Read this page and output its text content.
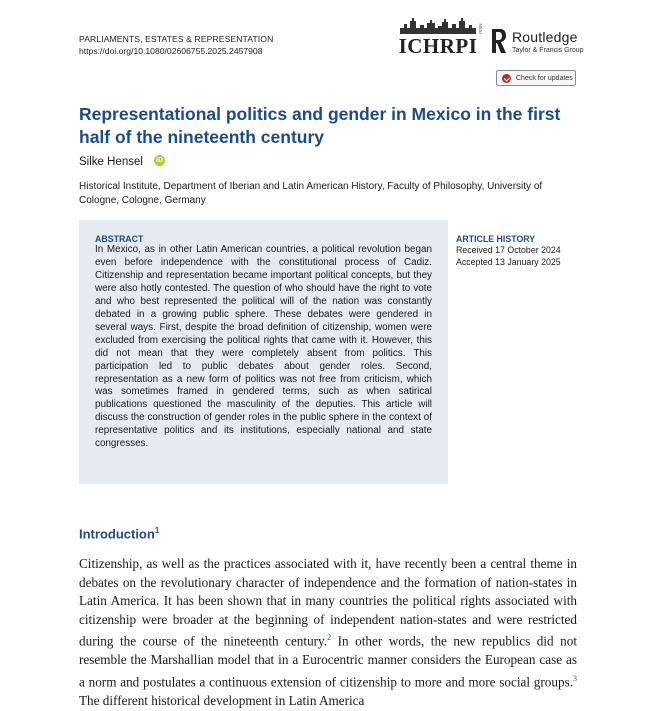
PARLIAMENTS, ESTATES & REPRESENTATION
https://doi.org/10.1080/02606755.2025.2457908	ICHRPI
ISSN
Routledge
Taylor & Francis Group
Check for updates
Representational politics and gender in Mexico in the first half of the nineteenth century
Silke Hensel iD
Historical Institute, Department of Iberian and Latin American History, Faculty of Philosophy, University of Cologne, Cologne, Germany
ABSTRACT
In Mexico, as in other Latin American countries, a political revolution began even before independence with the constitutional process of Cadiz. Citizenship and representation became important political concepts, but they were also hotly contested. The question of who should have the right to vote and who best represented the political will of the nation was constantly debated in a growing public sphere. These debates were gendered in several ways. First, despite the broad definition of citizenship, women were excluded from exercising the political rights that came with it. However, this did not mean that they were completely absent from politics. This participation led to public debates about gender roles. Second, representation as a new form of politics was not free from criticism, which was sometimes framed in gendered terms, such as when satirical publications questioned the masculinity of the deputies. This article will discuss the construction of gender roles in the public sphere in the context of representative politics and its institutions, especially national and state congresses.
ARTICLE HISTORY
Received 17 October 2024
Accepted 13 January 2025
Introduction$^1$
Citizenship, as well as the practices associated with it, have recently been a central theme in debates on the revolutionary character of independence and the formation of nation-states in Latin America. It has been shown that in many countries the political rights associated with citizenship were broader at the beginning of independent nation-states and were restricted during the course of the nineteenth century.$^2$ In other words, the new republics did not resemble the Marshallian model that in a Eurocentric manner considers the European case as a norm and postulates a continuous extension of citizenship to more and more social groups.$^3$ The different historical development in Latin America
